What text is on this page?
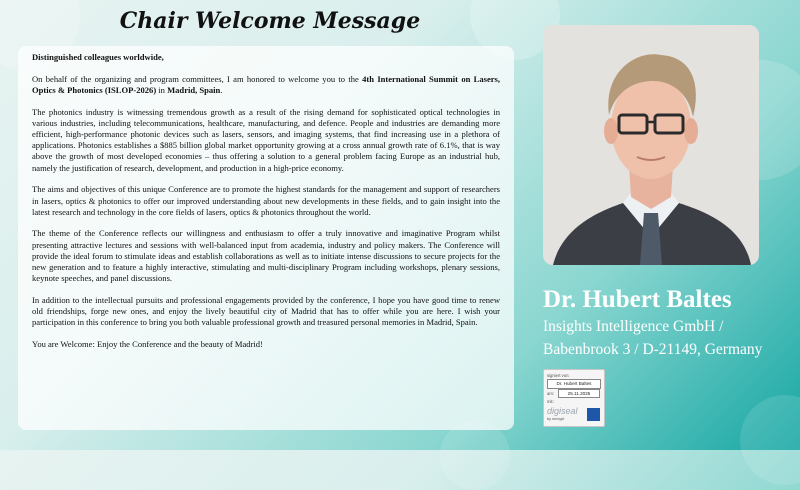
Chair Welcome Message

Distinguished colleagues worldwide,

On behalf of the organizing and program committees, I am honored to welcome you to the 4th International Summit on Lasers, Optics & Photonics (ISLOP-2026) in Madrid, Spain.

The photonics industry is witnessing tremendous growth as a result of the rising demand for sophisticated optical technologies in various industries, including telecommunications, healthcare, manufacturing, and defence. People and industries are demanding more efficient, high-performance photonic devices such as lasers, sensors, and imaging systems, that find increasing use in a plethora of applications. Photonics establishes a $885 billion global market opportunity growing at a cross annual growth rate of 6.1%, that is way above the growth of most developed economies – thus offering a solution to a general problem facing Europe as an industrial hub, namely the justification of research, development, and production in a high-price economy.

The aims and objectives of this unique Conference are to promote the highest standards for the management and support of researchers in lasers, optics & photonics to offer our improved understanding about new developments in these fields, and to gain insight into the latest research and technology in the core fields of lasers, optics & photonics throughout the world.

The theme of the Conference reflects our willingness and enthusiasm to offer a truly innovative and imaginative Program whilst presenting attractive lectures and sessions with well-balanced input from academia, industry and policy makers. The Conference will provide the ideal forum to stimulate ideas and establish collaborations as well as to initiate intense discussions to secure projects for the new generation and to feature a highly interactive, stimulating and multi-disciplinary Program including workshops, plenary sessions, keynote speeches, and panel discussions.

In addition to the intellectual pursuits and professional engagements provided by the conference, I hope you have good time to renew old friendships, forge new ones, and enjoy the lively beautiful city of Madrid that has to offer while you are here. I wish your participation in this conference to bring you both valuable professional growth and treasured personal memories in Madrid, Spain.

You are Welcome: Enjoy the Conference and the beauty of Madrid!

Dr. Hubert Baltes
Insights Intelligence GmbH /
Babenbrook 3 / D-21149, Germany
signiert von:
Dr. Hubert Baltes
am:	25.11.2025
mit:
digiseal
by secrypt
